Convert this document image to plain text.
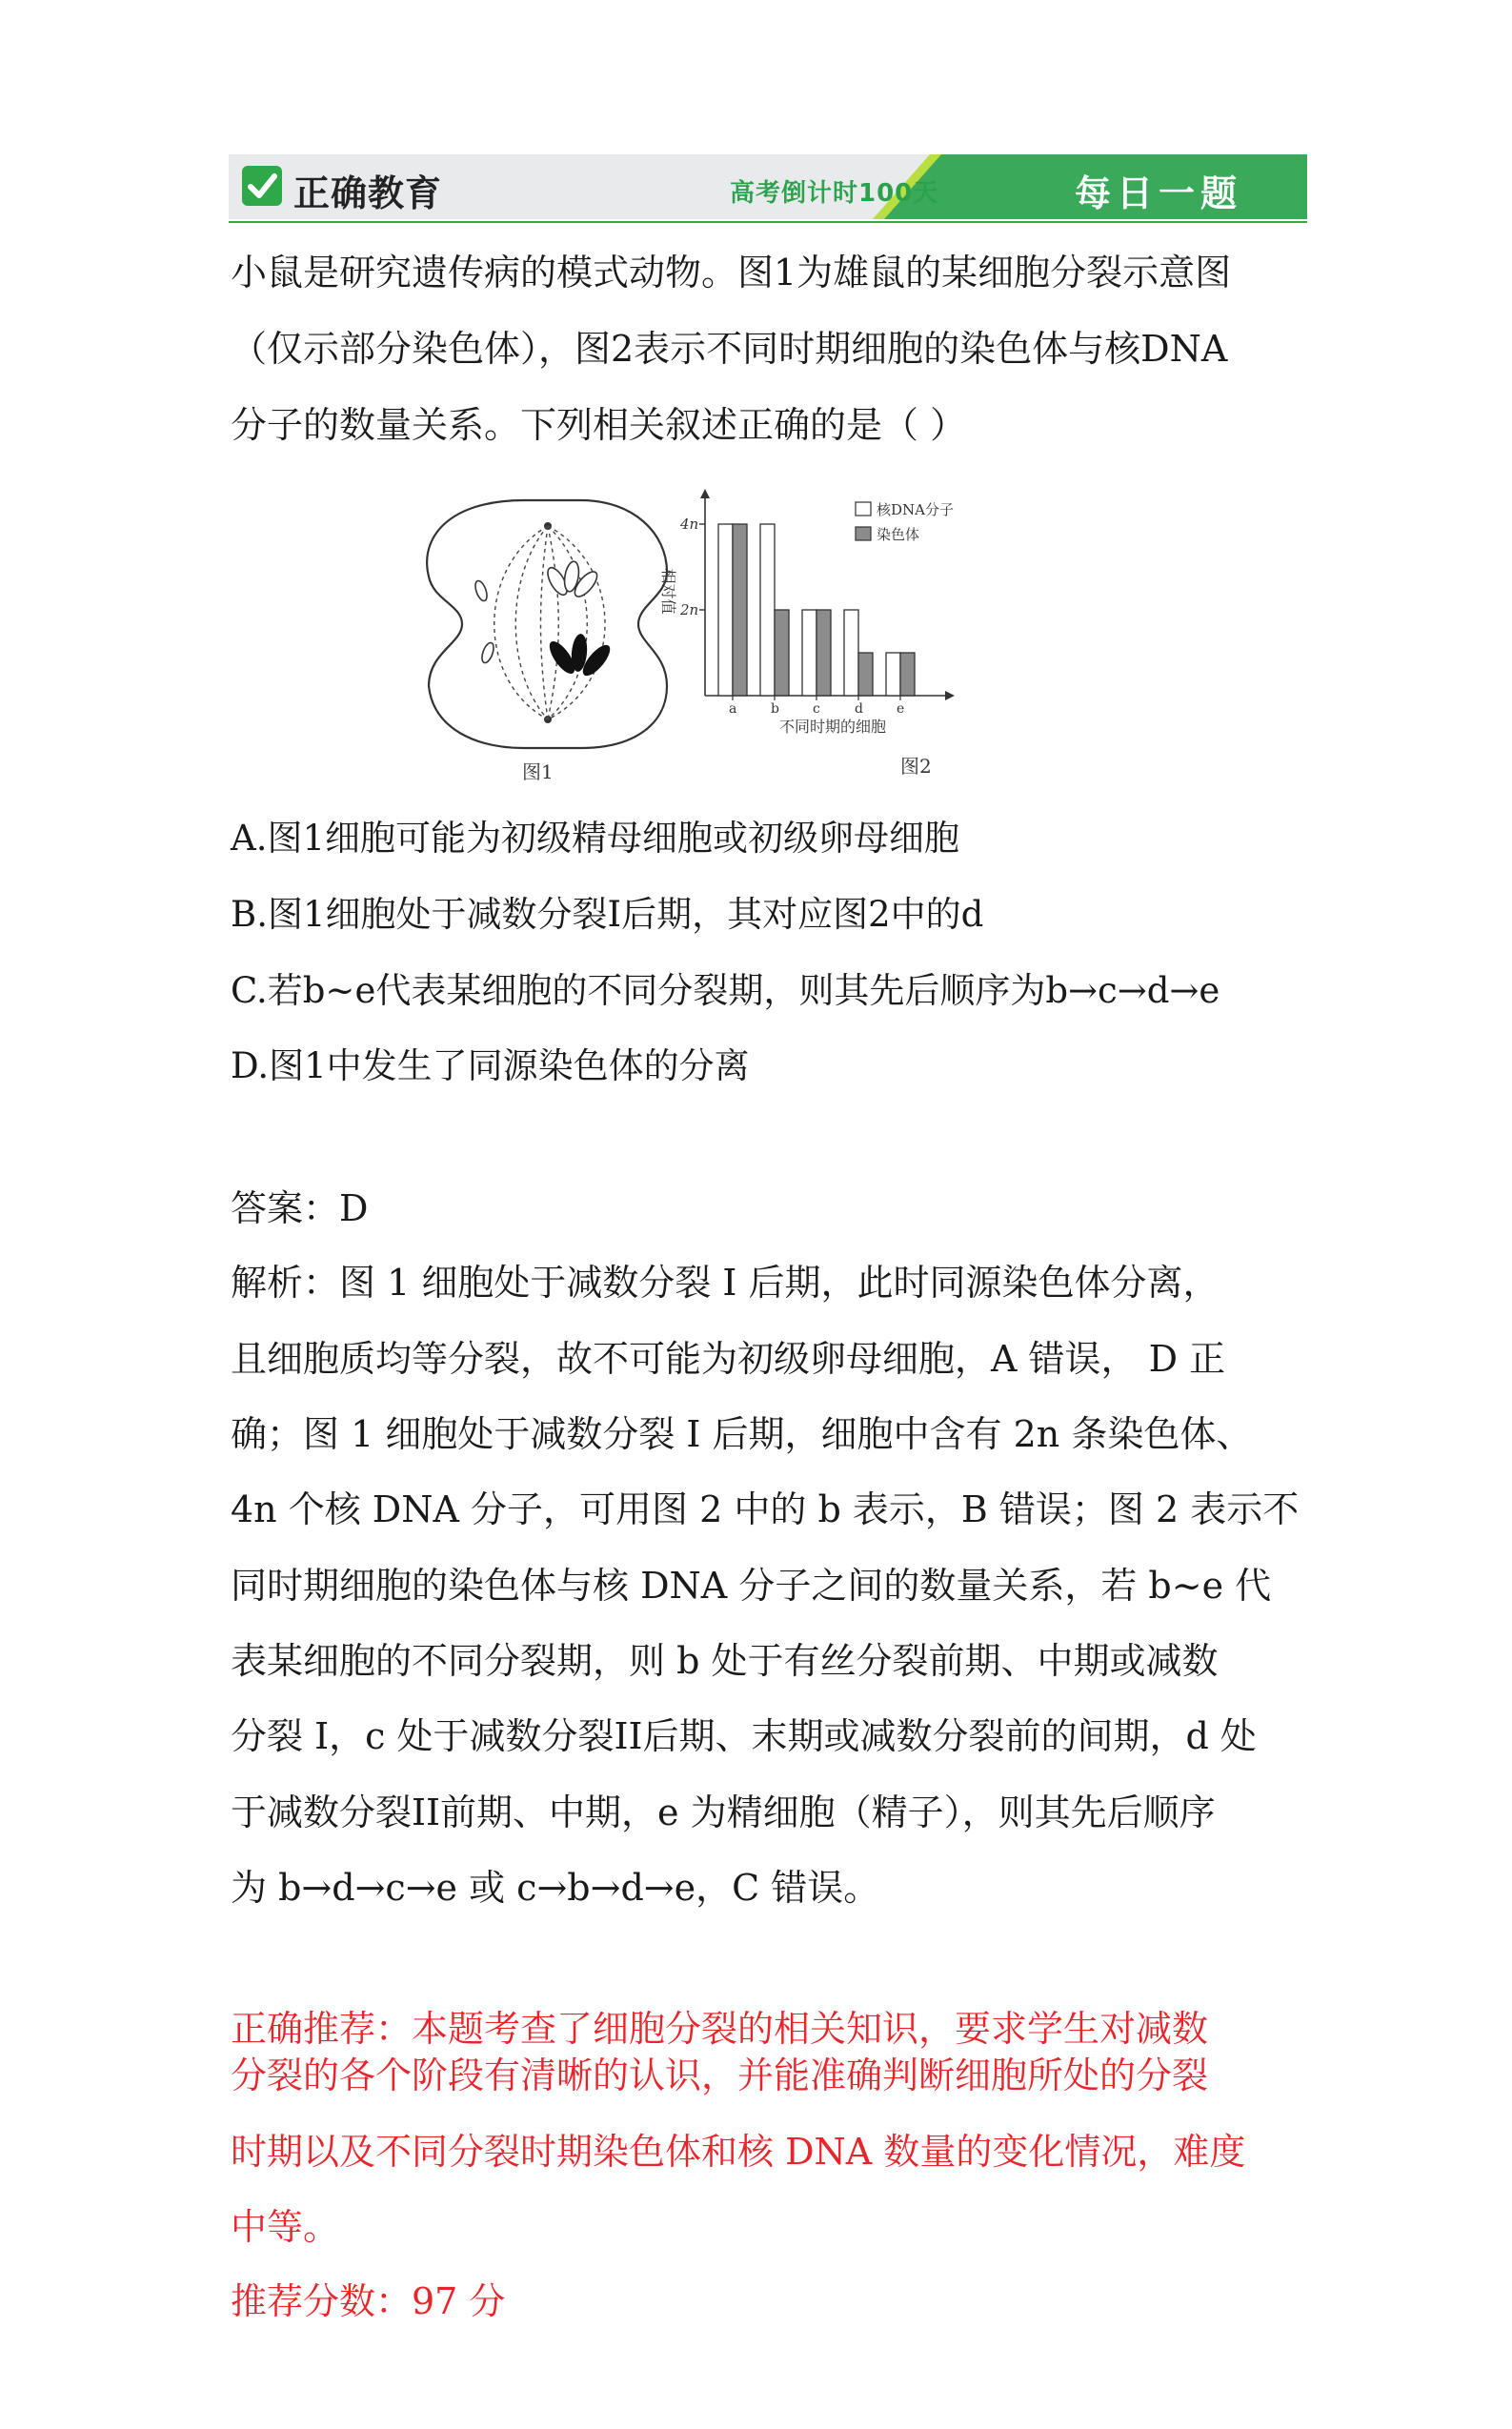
正确教育	高考倒计时100天	每日一题
小鼠是研究遗传病的模式动物。图1为雄鼠的某细胞分裂示意图
（仅示部分染色体），图2表示不同时期细胞的染色体与核DNA
分子的数量关系。下列相关叙述正确的是（ ）
图1
2n
4n
相对值
a	b	c	d	e
不同时期的细胞
核DNA分子
染色体
图2
A.图1细胞可能为初级精母细胞或初级卵母细胞
B.图1细胞处于减数分裂I后期，其对应图2中的d
C.若b~e代表某细胞的不同分裂期，则其先后顺序为b→c→d→e
D.图1中发生了同源染色体的分离
答案：D
解析：图 1 细胞处于减数分裂 I 后期，此时同源染色体分离，
且细胞质均等分裂，故不可能为初级卵母细胞，A 错误， D 正
确；图 1 细胞处于减数分裂 I 后期，细胞中含有 2n 条染色体、
4n 个核 DNA 分子，可用图 2 中的 b 表示，B 错误；图 2 表示不
同时期细胞的染色体与核 DNA 分子之间的数量关系，若 b~e 代
表某细胞的不同分裂期，则 b 处于有丝分裂前期、中期或减数
分裂 I，c 处于减数分裂II后期、末期或减数分裂前的间期，d 处
于减数分裂II前期、中期，e 为精细胞（精子），则其先后顺序
为 b→d→c→e 或 c→b→d→e，C 错误。
正确推荐：本题考查了细胞分裂的相关知识，要求学生对减数
分裂的各个阶段有清晰的认识，并能准确判断细胞所处的分裂
时期以及不同分裂时期染色体和核 DNA 数量的变化情况，难度
中等。
推荐分数：97 分
